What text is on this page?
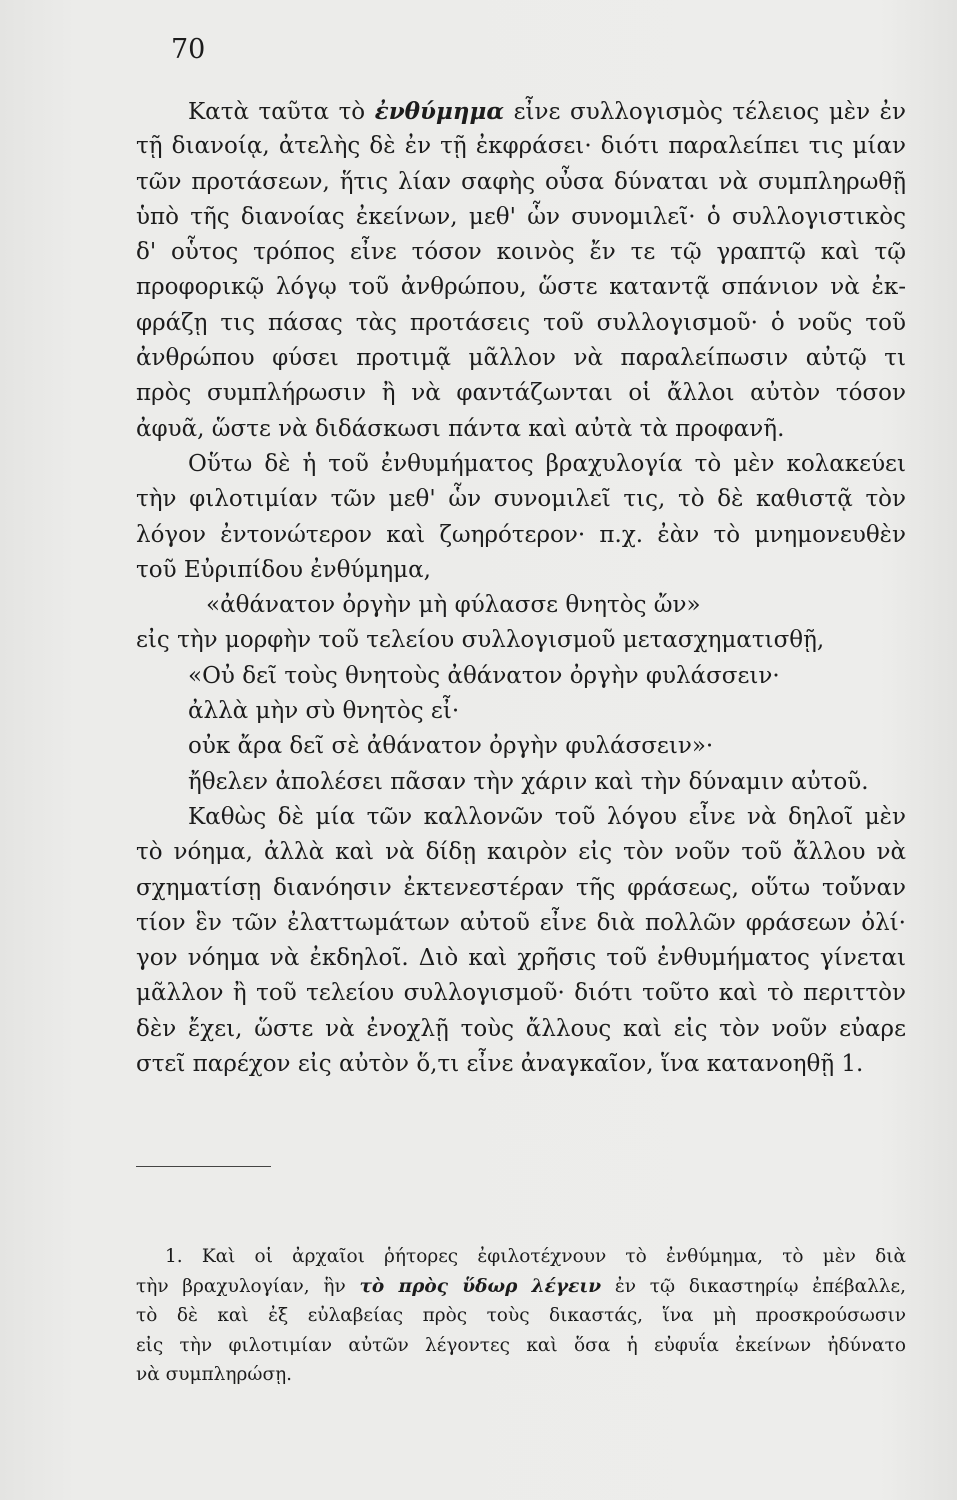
70
Κατὰ ταῦτα τὸ ἐνθύμημα εἶνε συλλογισμὸς τέλειος μὲν ἐν
τῇ διανοίᾳ, ἀτελὴς δὲ ἐν τῇ ἐκφράσει· διότι παραλείπει τις μίαν
τῶν προτάσεων, ἥτις λίαν σαφὴς οὖσα δύναται νὰ συμπληρωθῇ
ὑπὸ τῆς διανοίας ἐκείνων, μεθ' ὧν συνομιλεῖ· ὁ συλλογιστικὸς
δ' οὗτος τρόπος εἶνε τόσον κοινὸς ἔν τε τῷ γραπτῷ καὶ τῷ
προφορικῷ λόγῳ τοῦ ἀνθρώπου, ὥστε καταντᾷ σπάνιον νὰ ἐκ-
φράζῃ τις πάσας τὰς προτάσεις τοῦ συλλογισμοῦ· ὁ νοῦς τοῦ
ἀνθρώπου φύσει προτιμᾷ μᾶλλον νὰ παραλείπωσιν αὐτῷ τι
πρὸς συμπλήρωσιν ἢ νὰ φαντάζωνται οἱ ἄλλοι αὐτὸν τόσον
ἀφυᾶ, ὥστε νὰ διδάσκωσι πάντα καὶ αὐτὰ τὰ προφανῆ.
Οὕτω δὲ ἡ τοῦ ἐνθυμήματος βραχυλογία τὸ μὲν κολακεύει
τὴν φιλοτιμίαν τῶν μεθ' ὧν συνομιλεῖ τις, τὸ δὲ καθιστᾷ τὸν
λόγον ἐντονώτερον καὶ ζωηρότερον· π.χ. ἐὰν τὸ μνημονευθὲν
τοῦ Εὐριπίδου ἐνθύμημα,
«ἀθάνατον ὀργὴν μὴ φύλασσε θνητὸς ὤν»
εἰς τὴν μορφὴν τοῦ τελείου συλλογισμοῦ μετασχηματισθῇ,
«Οὐ δεῖ τοὺς θνητοὺς ἀθάνατον ὀργὴν φυλάσσειν·
ἀλλὰ μὴν σὺ θνητὸς εἶ·
οὐκ ἄρα δεῖ σὲ ἀθάνατον ὀργὴν φυλάσσειν»·
ἤθελεν ἀπολέσει πᾶσαν τὴν χάριν καὶ τὴν δύναμιν αὐτοῦ.
Καθὼς δὲ μία τῶν καλλονῶν τοῦ λόγου εἶνε νὰ δηλοῖ μὲν
τὸ νόημα, ἀλλὰ καὶ νὰ δίδῃ καιρὸν εἰς τὸν νοῦν τοῦ ἄλλου νὰ
σχηματίσῃ διανόησιν ἐκτενεστέραν τῆς φράσεως, οὕτω τοὔναν
τίον ἓν τῶν ἐλαττωμάτων αὐτοῦ εἶνε διὰ πολλῶν φράσεων ὀλί·
γον νόημα νὰ ἐκδηλοῖ. Διὸ καὶ χρῆσις τοῦ ἐνθυμήματος γίνεται
μᾶλλον ἢ τοῦ τελείου συλλογισμοῦ· διότι τοῦτο καὶ τὸ περιττὸν
δὲν ἔχει, ὥστε νὰ ἐνοχλῇ τοὺς ἄλλους καὶ εἰς τὸν νοῦν εὐαρε
στεῖ παρέχον εἰς αὐτὸν ὅ,τι εἶνε ἀναγκαῖον, ἵνα κατανοηθῇ 1.
1. Καὶ οἱ ἀρχαῖοι ῥήτορες ἐφιλοτέχνουν τὸ ἐνθύμημα, τὸ μὲν διὰ
τὴν βραχυλογίαν, ἣν τὸ πρὸς ὕδωρ λέγειν ἐν τῷ δικαστηρίῳ ἐπέβαλλε,
τὸ δὲ καὶ ἐξ εὐλαβείας πρὸς τοὺς δικαστάς, ἵνα μὴ προσκρούσωσιν
εἰς τὴν φιλοτιμίαν αὐτῶν λέγοντες καὶ ὅσα ἡ εὐφυΐα ἐκείνων ἠδύνατο
νὰ συμπληρώσῃ.
